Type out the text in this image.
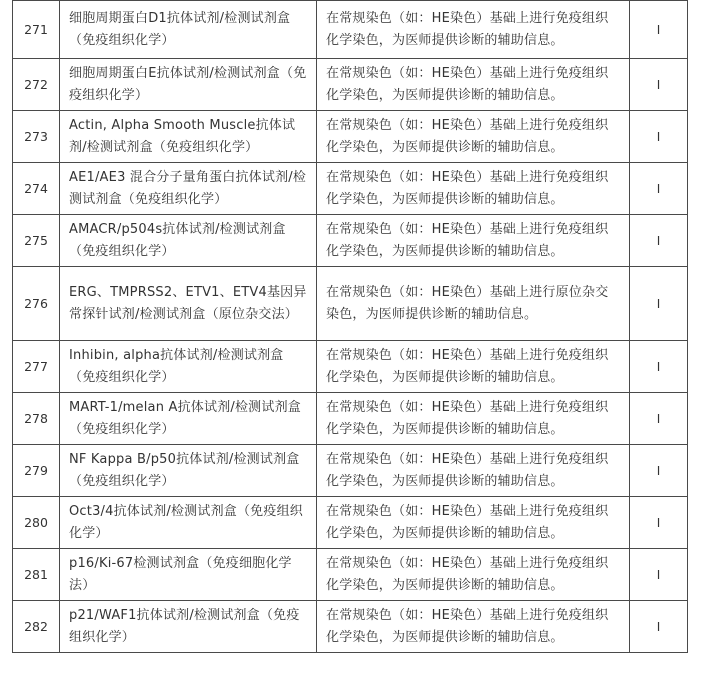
271	细胞周期蛋白D1抗体试剂/检测试剂盒（免疫组织化学）	在常规染色（如：HE染色）基础上进行免疫组织化学染色，为医师提供诊断的辅助信息。	I
272	细胞周期蛋白E抗体试剂/检测试剂盒（免疫组织化学）	在常规染色（如：HE染色）基础上进行免疫组织化学染色，为医师提供诊断的辅助信息。	I
273	Actin, Alpha Smooth Muscle抗体试剂/检测试剂盒（免疫组织化学）	在常规染色（如：HE染色）基础上进行免疫组织化学染色，为医师提供诊断的辅助信息。	I
274	AE1/AE3 混合分子量角蛋白抗体试剂/检测试剂盒（免疫组织化学）	在常规染色（如：HE染色）基础上进行免疫组织化学染色，为医师提供诊断的辅助信息。	I
275	AMACR/p504s抗体试剂/检测试剂盒（免疫组织化学）	在常规染色（如：HE染色）基础上进行免疫组织化学染色，为医师提供诊断的辅助信息。	I
276	ERG、TMPRSS2、ETV1、ETV4基因异常探针试剂/检测试剂盒（原位杂交法）	在常规染色（如：HE染色）基础上进行原位杂交染色，为医师提供诊断的辅助信息。	I
277	Inhibin, alpha抗体试剂/检测试剂盒（免疫组织化学）	在常规染色（如：HE染色）基础上进行免疫组织化学染色，为医师提供诊断的辅助信息。	I
278	MART-1/melan A抗体试剂/检测试剂盒（免疫组织化学）	在常规染色（如：HE染色）基础上进行免疫组织化学染色，为医师提供诊断的辅助信息。	I
279	NF Kappa B/p50抗体试剂/检测试剂盒（免疫组织化学）	在常规染色（如：HE染色）基础上进行免疫组织化学染色，为医师提供诊断的辅助信息。	I
280	Oct3/4抗体试剂/检测试剂盒（免疫组织化学）	在常规染色（如：HE染色）基础上进行免疫组织化学染色，为医师提供诊断的辅助信息。	I
281	p16/Ki-67检测试剂盒（免疫细胞化学法）	在常规染色（如：HE染色）基础上进行免疫组织化学染色，为医师提供诊断的辅助信息。	I
282	p21/WAF1抗体试剂/检测试剂盒（免疫组织化学）	在常规染色（如：HE染色）基础上进行免疫组织化学染色，为医师提供诊断的辅助信息。	I
